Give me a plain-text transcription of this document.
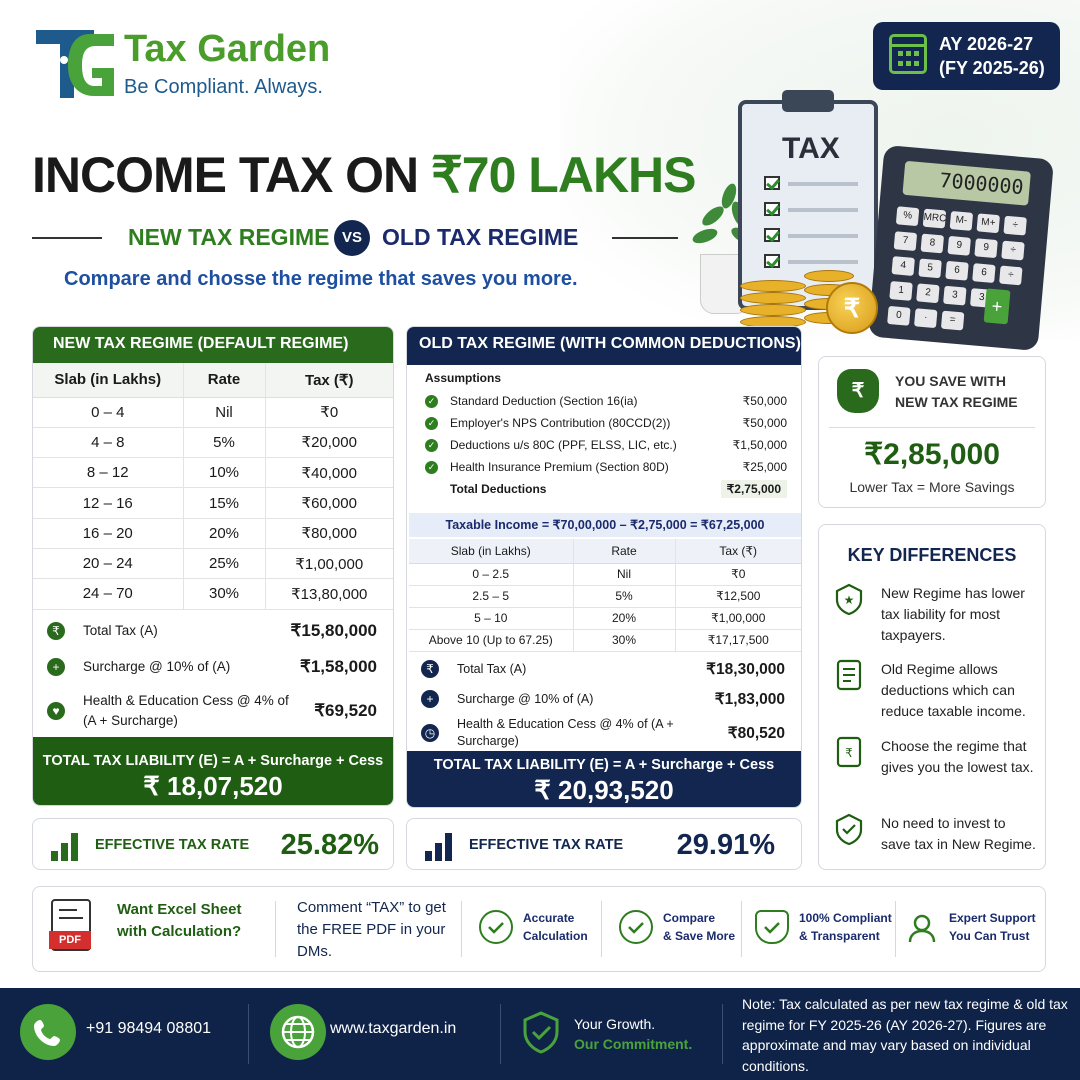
Tax Garden
Be Compliant. Always.
AY 2026-27
(FY 2025-26)
INCOME TAX ON ₹70 LAKHS
NEW TAX REGIME VS OLD TAX REGIME
Compare and chosse the regime that saves you more.
TAX
7000000
%	MRC M-	M+	÷
7	8	9	9	÷
4	5	6	6	÷
1	2	3	3
0	·	=
+
₹
NEW TAX REGIME (DEFAULT REGIME)
Slab (in Lakhs)	Rate	Tax (₹)
0 – 4	Nil	₹0
4 – 8	5%	₹20,000
8 – 12	10%	₹40,000
12 – 16	15%	₹60,000
16 – 20	20%	₹80,000
20 – 24	25%	₹1,00,000
24 – 70	30%	₹13,80,000
₹	Total Tax (A)	₹15,80,000
+	Surcharge @ 10% of (A)	₹1,58,000
♥
Health & Education Cess @ 4% of (A + Surcharge)
₹69,520
TOTAL TAX LIABILITY (E) = A + Surcharge + Cess
₹ 18,07,520
EFFECTIVE TAX RATE 25.82%
OLD TAX REGIME (WITH COMMON DEDUCTIONS)
Assumptions
✓ Standard Deduction (Section 16(ia)	₹50,000
✓ Employer's NPS Contribution (80CCD(2))	₹50,000
✓ Deductions u/s 80C (PPF, ELSS, LIC, etc.)	₹1,50,000
✓ Health Insurance Premium (Section 80D)	₹25,000
Total Deductions	₹2,75,000
Taxable Income = ₹70,00,000 – ₹2,75,000 = ₹67,25,000
Slab (in Lakhs)	Rate	Tax (₹)
0 – 2.5	Nil	₹0
2.5 – 5	5%	₹12,500
5 – 10	20%	₹1,00,000
Above 10 (Up to 67.25)	30%	₹17,17,500
₹	Total Tax (A)	₹18,30,000
+	Surcharge @ 10% of (A)	₹1,83,000
◷
Health & Education Cess @ 4% of (A + Surcharge)	₹80,520
TOTAL TAX LIABILITY (E) = A + Surcharge + Cess
₹ 20,93,520
EFFECTIVE TAX RATE 29.91%
₹	YOU SAVE WITH
NEW TAX REGIME
₹2,85,000
Lower Tax = More Savings
KEY DIFFERENCES
★ New Regime has lower tax liability for most taxpayers.
Old Regime allows deductions which can reduce taxable income.
₹ Choose the regime that gives you the lowest tax.
No need to invest to save tax in New Regime.
PDF
Want Excel Sheet with Calculation?
Comment “TAX” to get the FREE PDF in your DMs.
Accurate
Calculation
Compare
& Save More
100% Compliant
& Transparent
Expert Support
You Can Trust
+91 98494 08801	www.taxgarden.in	Your Growth.
Our Commitment.
Note: Tax calculated as per new tax regime & old tax regime for FY 2025-26 (AY 2026-27). Figures are approximate and may vary based on individual conditions.
